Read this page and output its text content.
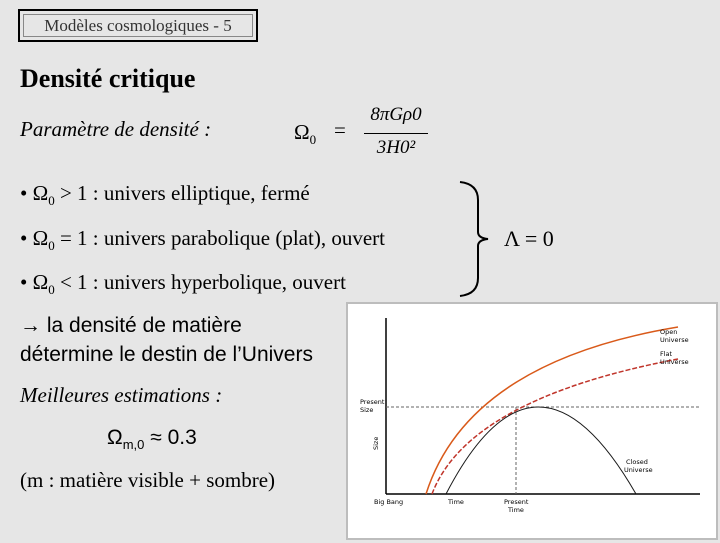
Modèles cosmologiques - 5
Densité critique
Paramètre de densité :	$\Omega_0$ =
8πGρ0
3H0²
• $\Omega_0 > 1$ : univers elliptique, fermé
• $\Omega_0 = 1$ : univers parabolique (plat), ouvert
• $\Omega_0 < 1$ : univers hyperbolique, ouvert
Λ = 0
→ la densité de matière
détermine le destin de l’Univers
Meilleures estimations :
$\Omega_{m,0} \approx 0.3$
(m : matière visible + sombre)
Present
Size
Size
Open
Universe
Flat
Universe
Closed
Universe
Big Bang	Time	Present
Time
